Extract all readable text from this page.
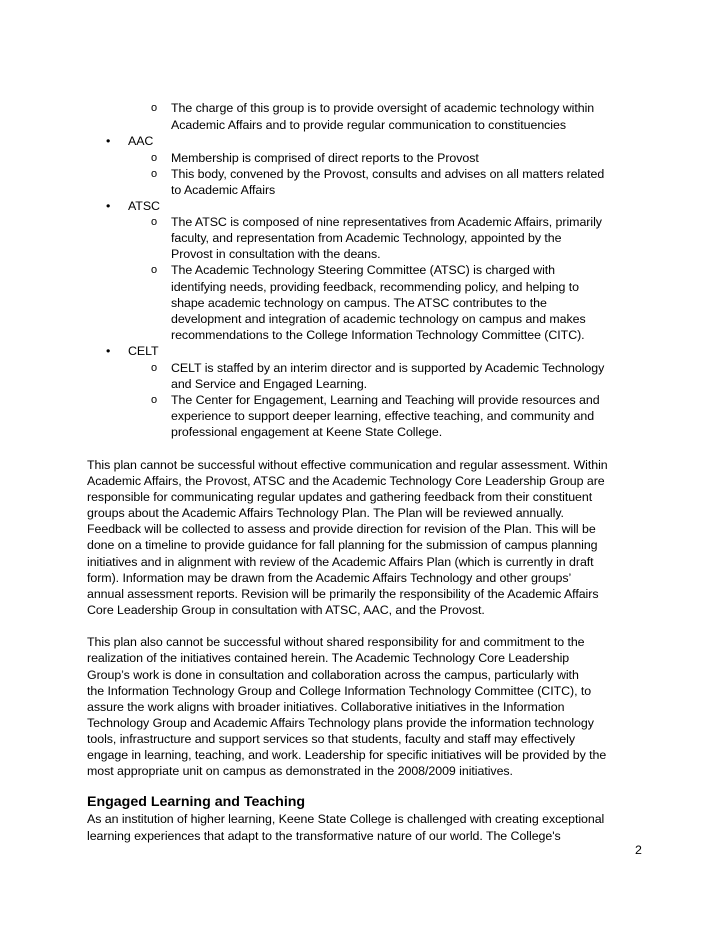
o The charge of this group is to provide oversight of academic technology within
Academic Affairs and to provide regular communication to constituencies
• AAC
o Membership is comprised of direct reports to the Provost
o This body, convened by the Provost, consults and advises on all matters related
to Academic Affairs
• ATSC
o The ATSC is composed of nine representatives from Academic Affairs, primarily
faculty, and representation from Academic Technology, appointed by the
Provost in consultation with the deans.
o The Academic Technology Steering Committee (ATSC) is charged with
identifying needs, providing feedback, recommending policy, and helping to
shape academic technology on campus. The ATSC contributes to the
development and integration of academic technology on campus and makes
recommendations to the College Information Technology Committee (CITC).
• CELT
o CELT is staffed by an interim director and is supported by Academic Technology
and Service and Engaged Learning.
o The Center for Engagement, Learning and Teaching will provide resources and
experience to support deeper learning, effective teaching, and community and
professional engagement at Keene State College.
This plan cannot be successful without effective communication and regular assessment. Within
Academic Affairs, the Provost, ATSC and the Academic Technology Core Leadership Group are
responsible for communicating regular updates and gathering feedback from their constituent
groups about the Academic Affairs Technology Plan. The Plan will be reviewed annually.
Feedback will be collected to assess and provide direction for revision of the Plan. This will be
done on a timeline to provide guidance for fall planning for the submission of campus planning
initiatives and in alignment with review of the Academic Affairs Plan (which is currently in draft
form). Information may be drawn from the Academic Affairs Technology and other groups’
annual assessment reports. Revision will be primarily the responsibility of the Academic Affairs
Core Leadership Group in consultation with ATSC, AAC, and the Provost.
This plan also cannot be successful without shared responsibility for and commitment to the
realization of the initiatives contained herein. The Academic Technology Core Leadership
Group’s work is done in consultation and collaboration across the campus, particularly with
the Information Technology Group and College Information Technology Committee (CITC), to
assure the work aligns with broader initiatives. Collaborative initiatives in the Information
Technology Group and Academic Affairs Technology plans provide the information technology
tools, infrastructure and support services so that students, faculty and staff may effectively
engage in learning, teaching, and work. Leadership for specific initiatives will be provided by the
most appropriate unit on campus as demonstrated in the 2008/2009 initiatives.
Engaged Learning and Teaching
As an institution of higher learning, Keene State College is challenged with creating exceptional
learning experiences that adapt to the transformative nature of our world. The College's
2
